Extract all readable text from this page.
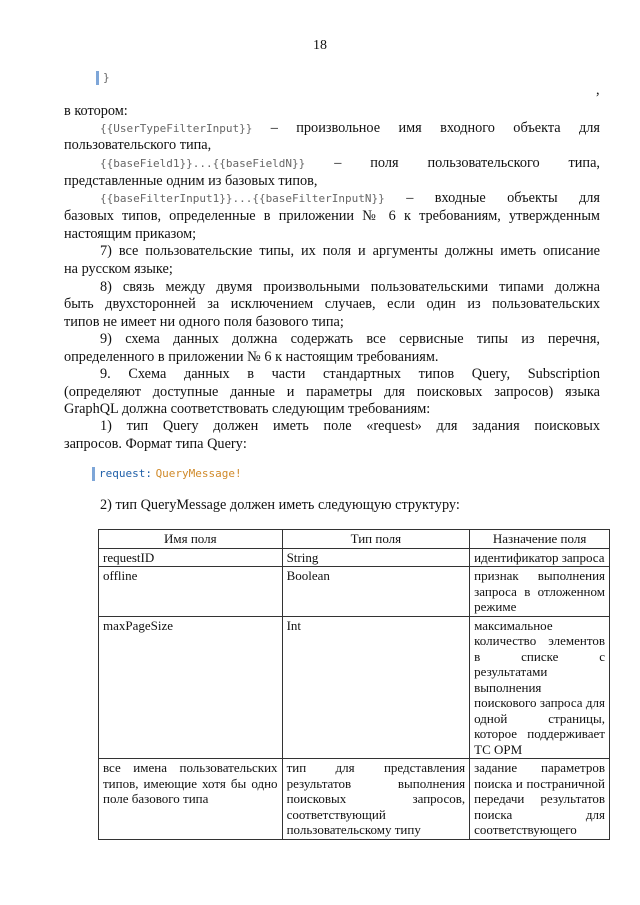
18
}
,
в котором:
{{UserTypeFilterInput}} – произвольное имя входного объекта для
пользовательского типа,
{{baseField1}}...{{baseFieldN}} – поля пользовательского типа,
представленные одним из базовых типов,
{{baseFilterInput1}}...{{baseFilterInputN}} – входные объекты для
базовых типов, определенные в приложении № 6 к требованиям, утвержденным
настоящим приказом;
7) все пользовательские типы, их поля и аргументы должны иметь описание
на русском языке;
8) связь между двумя произвольными пользовательскими типами должна
быть двухсторонней за исключением случаев, если один из пользовательских
типов не имеет ни одного поля базового типа;
9) схема данных должна содержать все сервисные типы из перечня,
определенного в приложении № 6 к настоящим требованиям.
9. Схема данных в части стандартных типов Query, Subscription
(определяют доступные данные и параметры для поисковых запросов) языка
GraphQL должна соответствовать следующим требованиям:
1) тип Query должен иметь поле «request» для задания поисковых
запросов. Формат типа Query:
request: QueryMessage!
2) тип QueryMessage должен иметь следующую структуру:
Имя поля	Тип поля	Назначение поля
requestID	String	идентификатор запроса
offline	Boolean	признак выполнения запроса в отложенном режиме
maxPageSize	Int	максимальное количество элементов в списке с результатами выполнения поискового запроса для одной страницы, которое поддерживает ТС ОРМ
все имена пользовательских типов, имеющие хотя бы одно поле базового типа	тип для представления результатов выполнения поисковых запросов, соответствующий пользовательскому типу	задание параметров поиска и постраничной передачи результатов поиска для соответствующего
